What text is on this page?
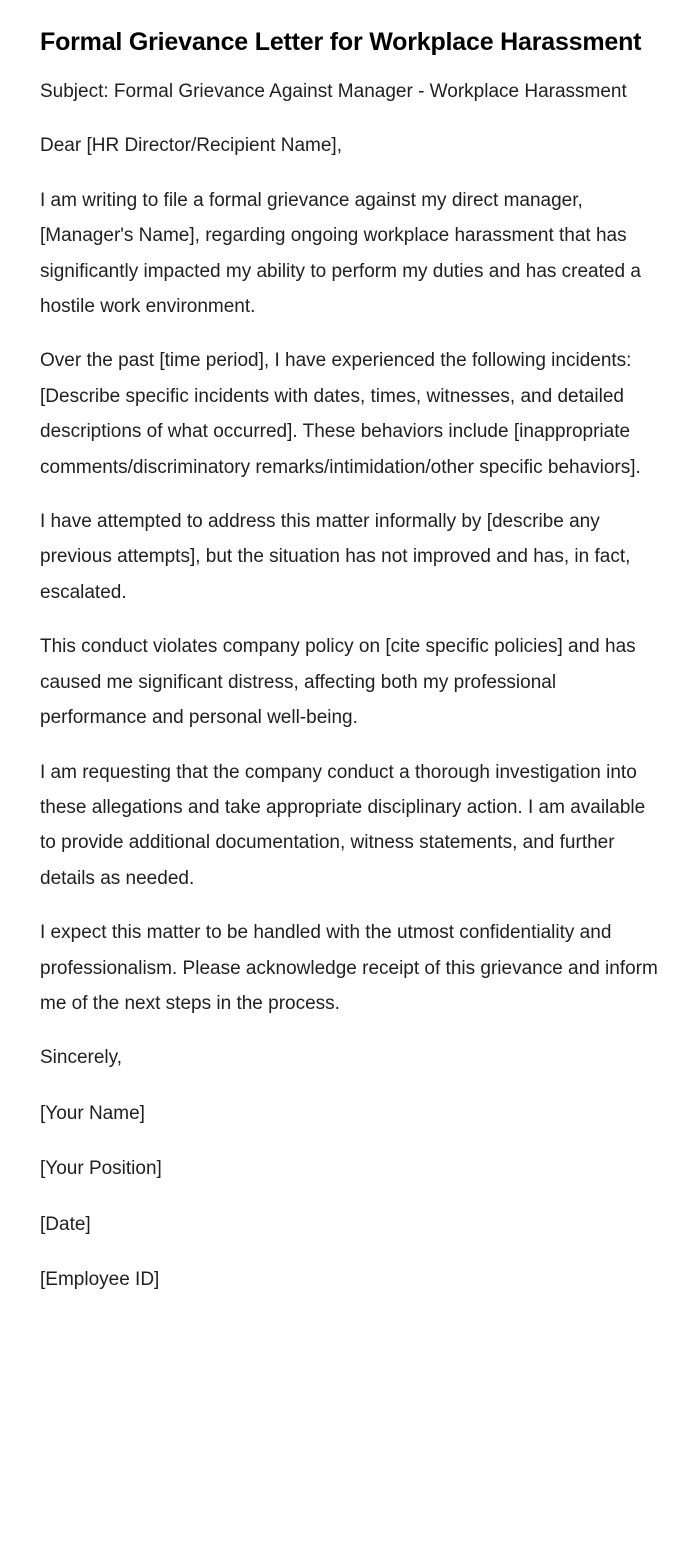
Formal Grievance Letter for Workplace Harassment

Subject: Formal Grievance Against Manager - Workplace Harassment

Dear [HR Director/Recipient Name],

I am writing to file a formal grievance against my direct manager, [Manager's Name], regarding ongoing workplace harassment that has significantly impacted my ability to perform my duties and has created a hostile work environment.

Over the past [time period], I have experienced the following incidents: [Describe specific incidents with dates, times, witnesses, and detailed descriptions of what occurred]. These behaviors include [inappropriate comments/discriminatory remarks/intimidation/other specific behaviors].

I have attempted to address this matter informally by [describe any previous attempts], but the situation has not improved and has, in fact, escalated.

This conduct violates company policy on [cite specific policies] and has caused me significant distress, affecting both my professional performance and personal well-being.

I am requesting that the company conduct a thorough investigation into these allegations and take appropriate disciplinary action. I am available to provide additional documentation, witness statements, and further details as needed.

I expect this matter to be handled with the utmost confidentiality and professionalism. Please acknowledge receipt of this grievance and inform me of the next steps in the process.

Sincerely,

[Your Name]

[Your Position]

[Date]

[Employee ID]
